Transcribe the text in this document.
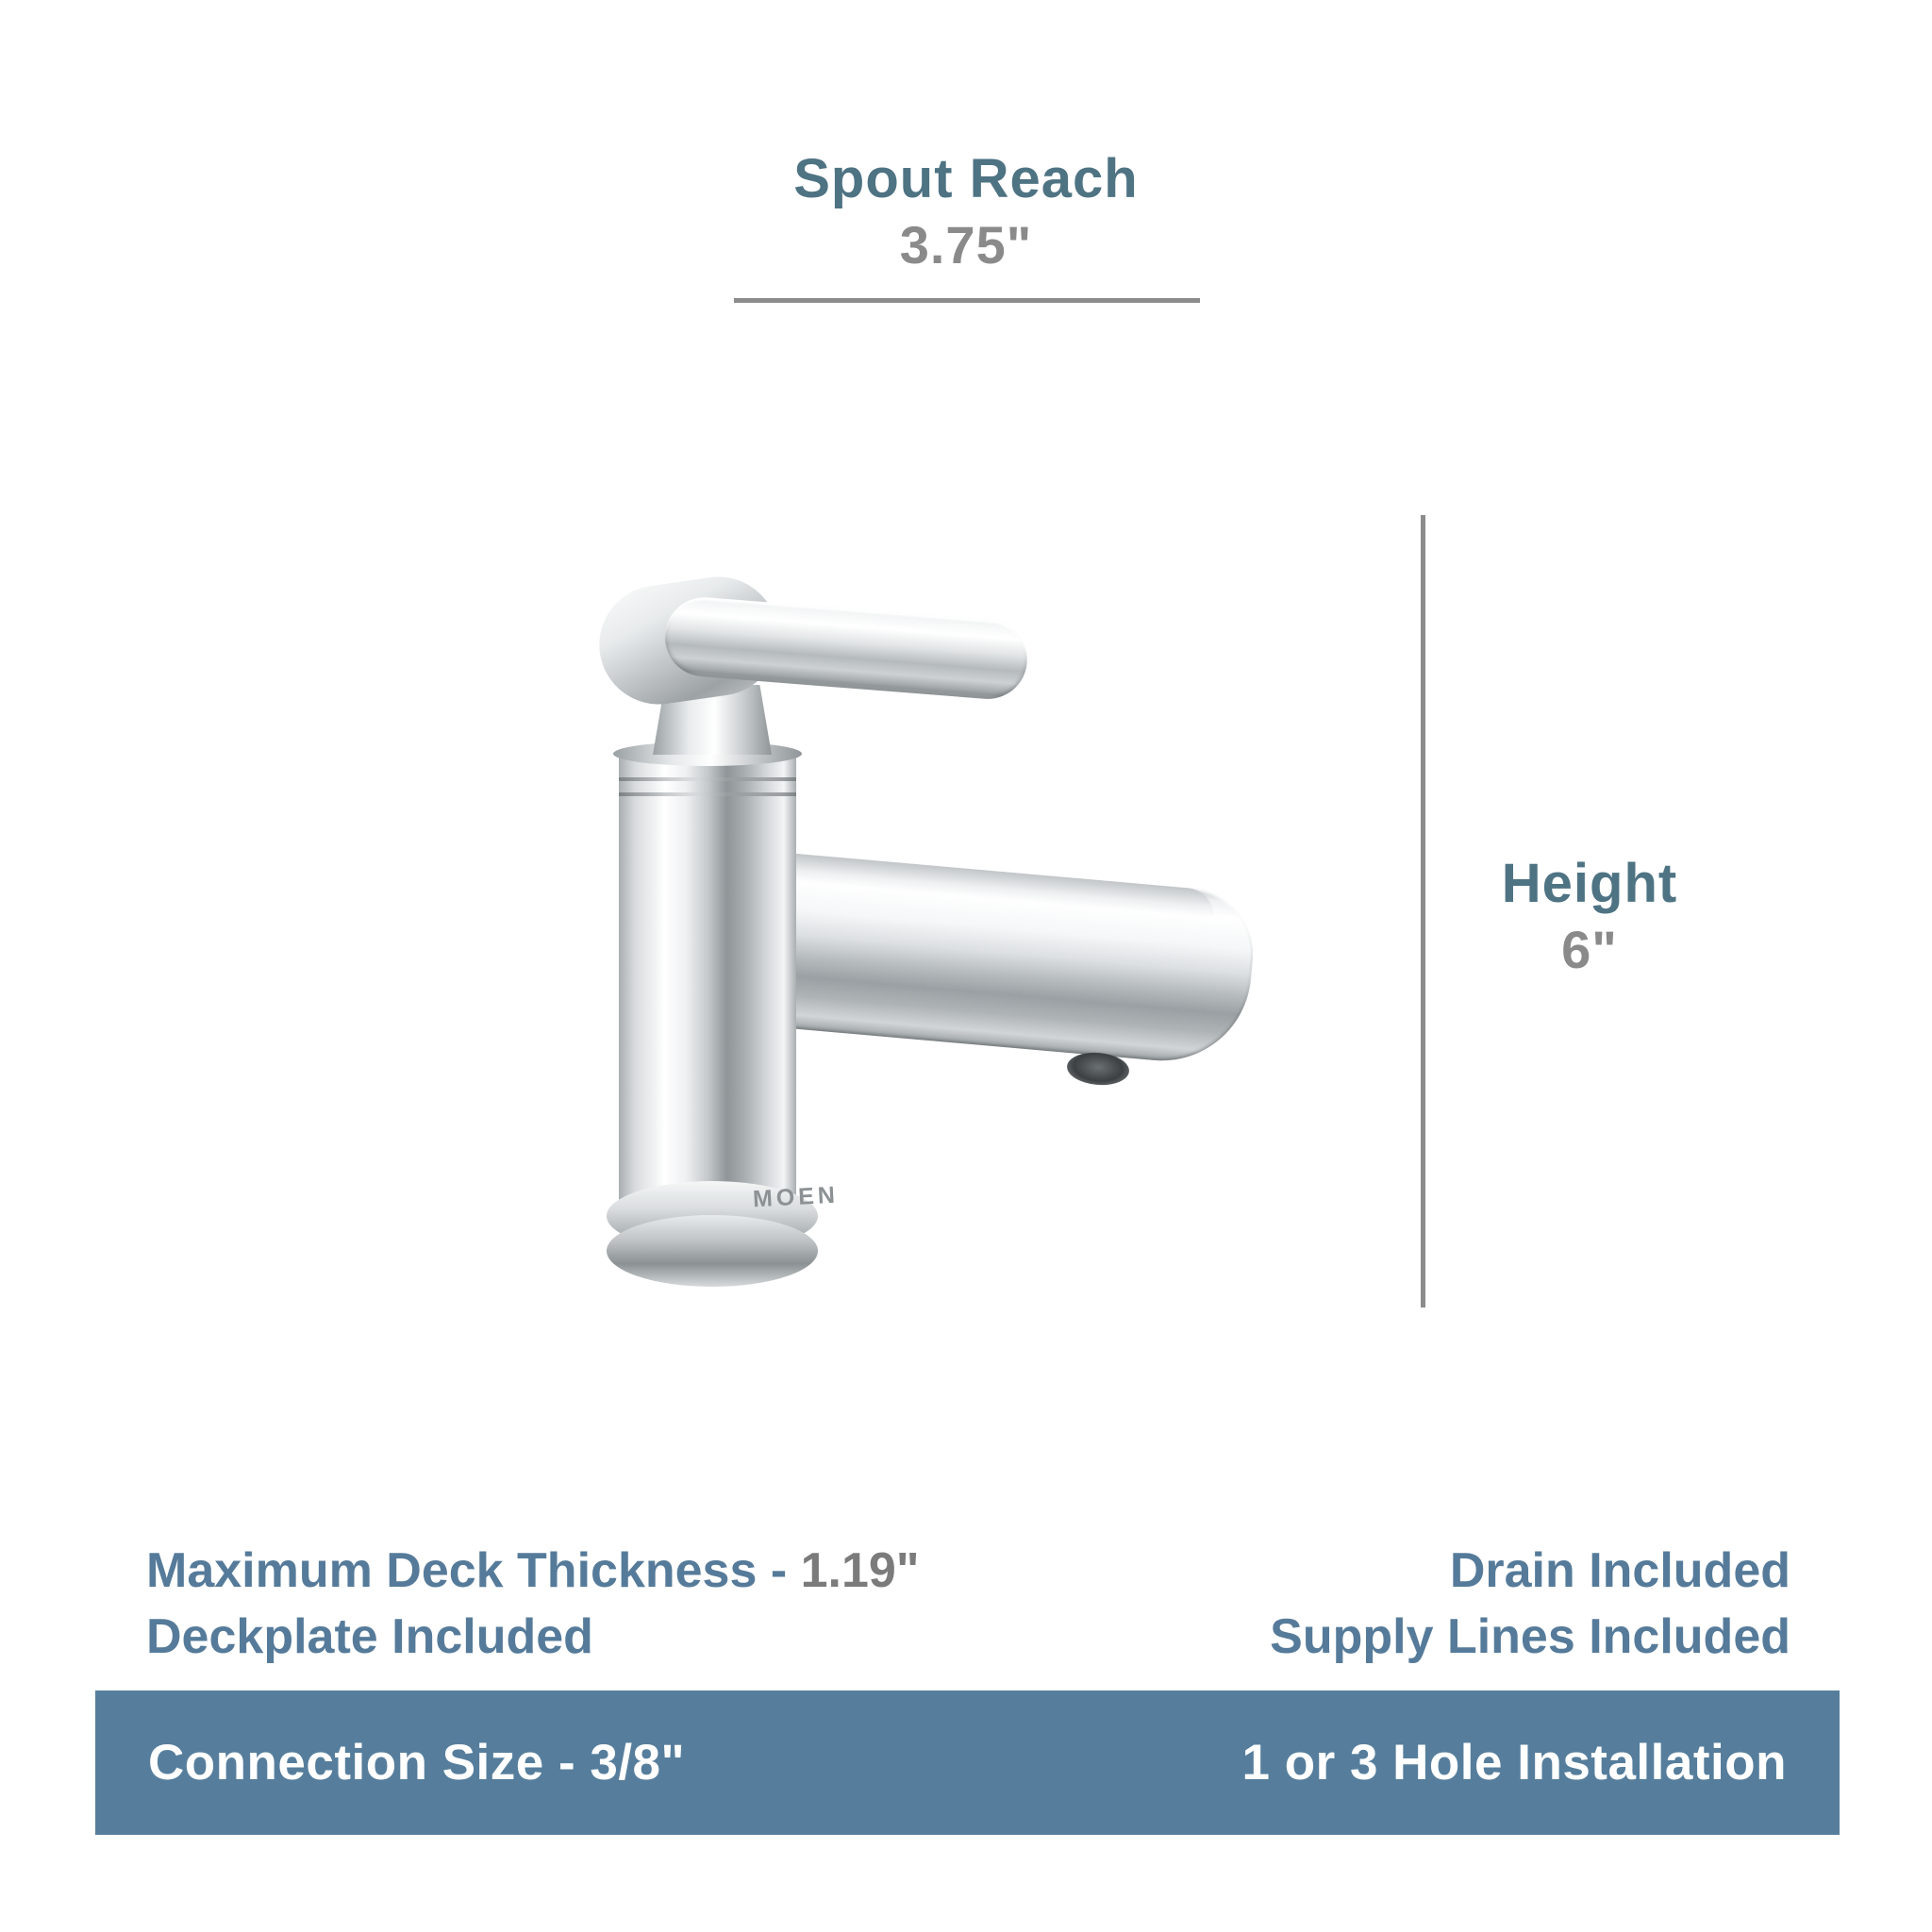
Spout Reach
3.75"
Height
6"
MOEN
Maximum Deck Thickness - 1.19"
Deckplate Included
Drain Included
Supply Lines Included
Connection Size - 3/8"	1 or 3 Hole Installation
